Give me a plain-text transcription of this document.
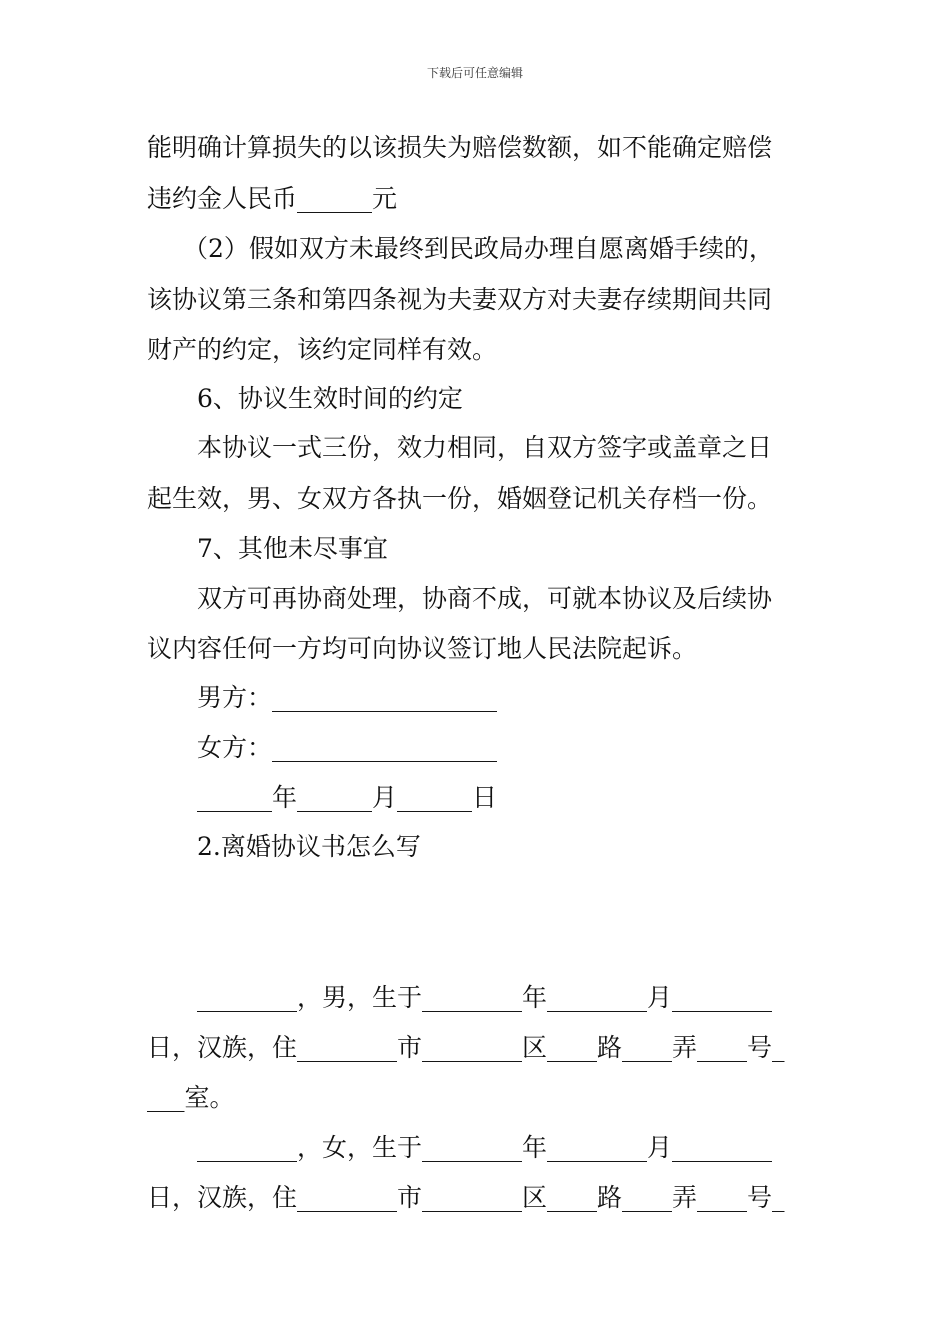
下载后可任意编辑
能明确计算损失的以该损失为赔偿数额，如不能确定赔偿
违约金人民币______元
（2）假如双方未最终到民政局办理自愿离婚手续的，
该协议第三条和第四条视为夫妻双方对夫妻存续期间共同
财产的约定，该约定同样有效。
6、协议生效时间的约定
本协议一式三份，效力相同，自双方签字或盖章之日
起生效，男、女双方各执一份，婚姻登记机关存档一份。
7、其他未尽事宜
双方可再协商处理，协商不成，可就本协议及后续协
议内容任何一方均可向协议签订地人民法院起诉。
男方：__________________
女方：__________________
______年______月______日
2.离婚协议书怎么写
________，男，生于________年________月________
日，汉族，住________市________区____路____弄____号_
___室。
________，女，生于________年________月________
日，汉族，住________市________区____路____弄____号_
